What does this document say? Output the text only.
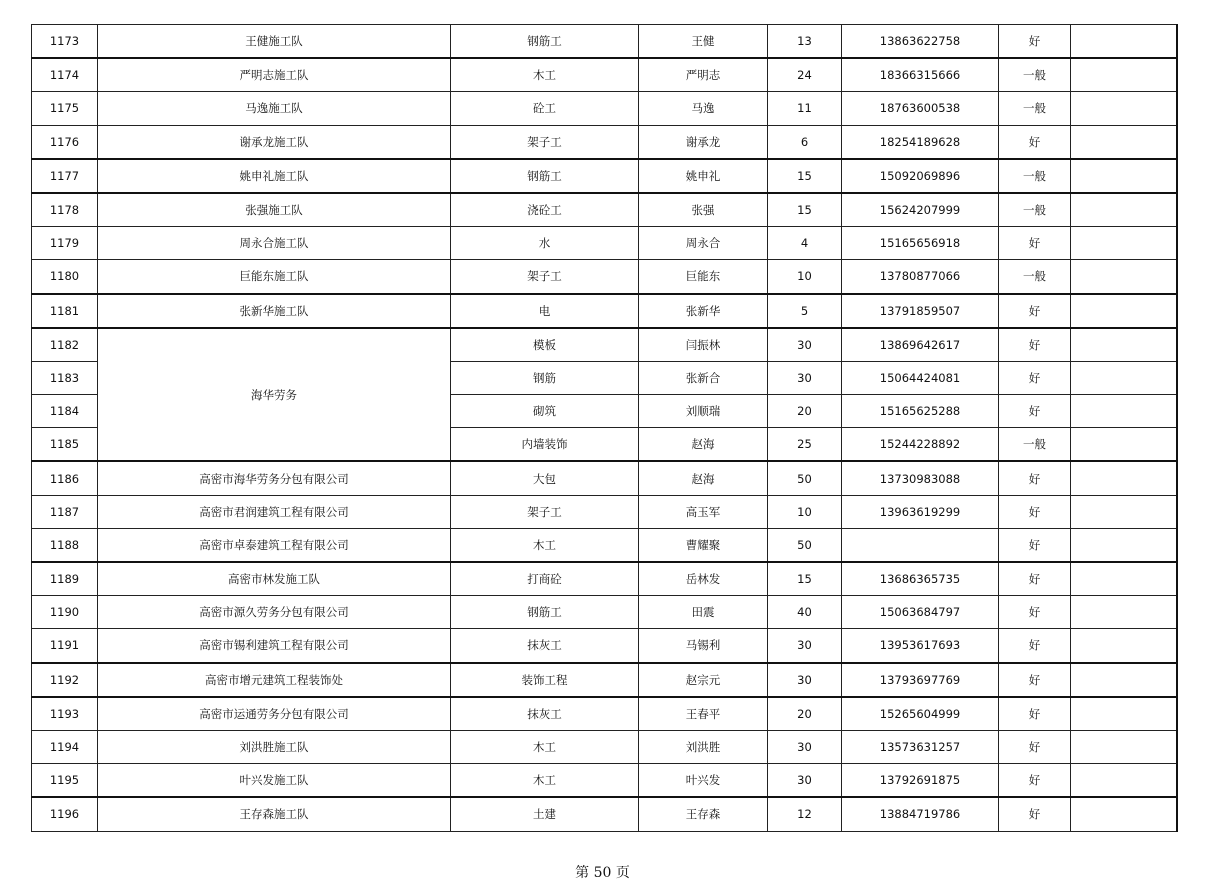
1173	王健施工队	钢筋工	王健	13	13863622758	好	
1174	严明志施工队	木工	严明志	24	18366315666	一般	
1175	马逸施工队	砼工	马逸	11	18763600538	一般	
1176	谢承龙施工队	架子工	谢承龙	6	18254189628	好	
1177	姚申礼施工队	钢筋工	姚申礼	15	15092069896	一般	
1178	张强施工队	浇砼工	张强	15	15624207999	一般	
1179	周永合施工队	水	周永合	4	15165656918	好	
1180	巨能东施工队	架子工	巨能东	10	13780877066	一般	
1181	张新华施工队	电	张新华	5	13791859507	好	
1182	海华劳务	模板	闫振林	30	13869642617	好	
1183		钢筋	张新合	30	15064424081	好	
1184		砌筑	刘顺瑞	20	15165625288	好	
1185		内墙装饰	赵海	25	15244228892	一般	
1186	高密市海华劳务分包有限公司	大包	赵海	50	13730983088	好	
1187	高密市君润建筑工程有限公司	架子工	高玉军	10	13963619299	好	
1188	高密市卓泰建筑工程有限公司	木工	曹耀聚	50		好	
1189	高密市林发施工队	打商砼	岳林发	15	13686365735	好	
1190	高密市源久劳务分包有限公司	钢筋工	田震	40	15063684797	好	
1191	高密市锡利建筑工程有限公司	抹灰工	马锡利	30	13953617693	好	
1192	高密市增元建筑工程装饰处	装饰工程	赵宗元	30	13793697769	好	
1193	高密市运通劳务分包有限公司	抹灰工	王春平	20	15265604999	好	
1194	刘洪胜施工队	木工	刘洪胜	30	13573631257	好	
1195	叶兴发施工队	木工	叶兴发	30	13792691875	好	
1196	王存森施工队	土建	王存森	12	13884719786	好	
第 50 页
